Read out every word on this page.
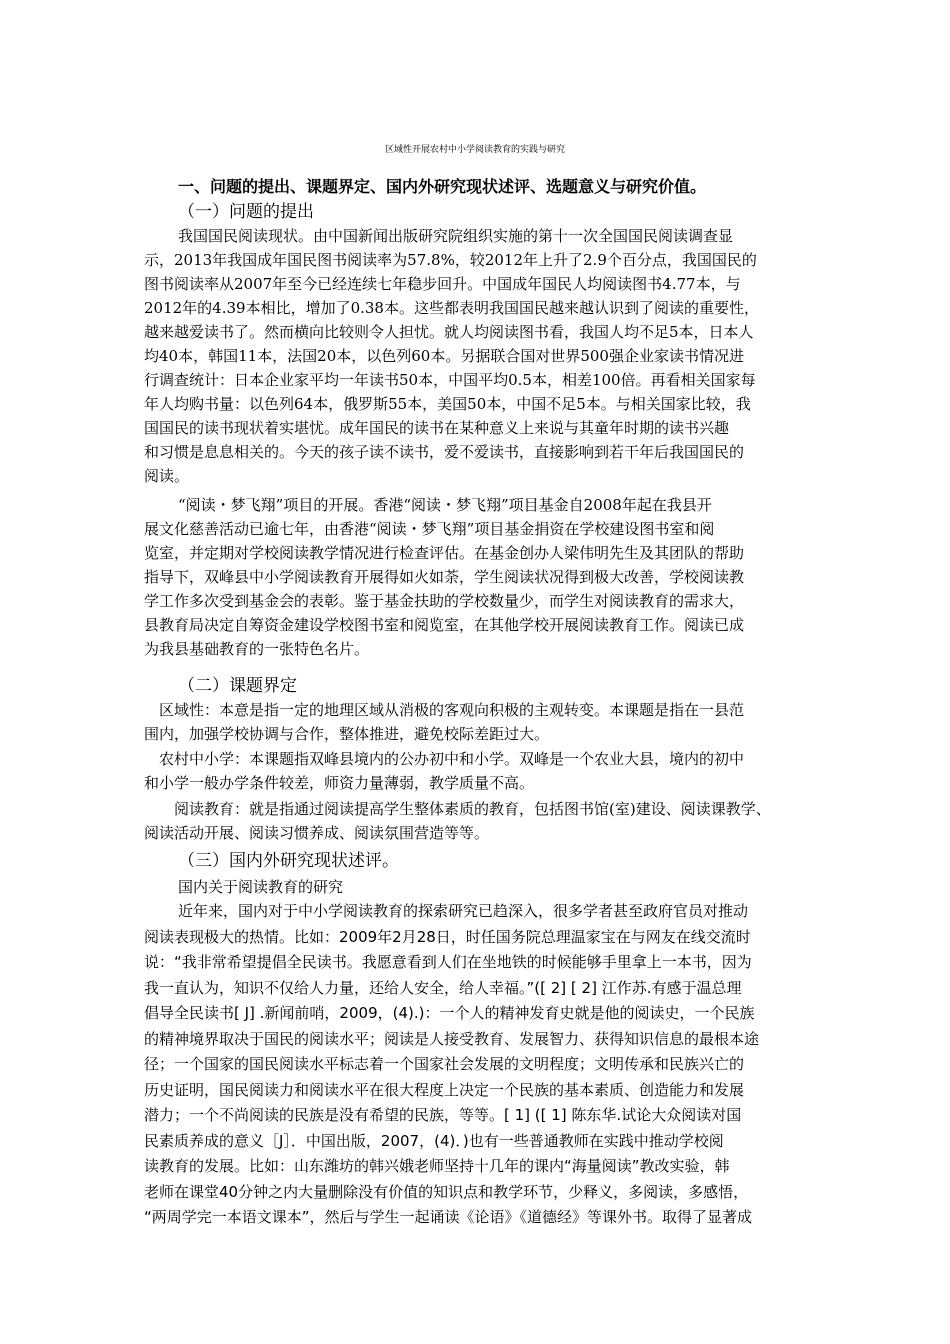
区域性开展农村中小学阅读教育的实践与研究
一、问题的提出、课题界定、国内外研究现状述评、选题意义与研究价值。
（一）问题的提出
我国国民阅读现状。由中国新闻出版研究院组织实施的第十一次全国国民阅读调查显
示，2013年我国成年国民图书阅读率为57.8%，较2012年上升了2.9个百分点，我国国民的
图书阅读率从2007年至今已经连续七年稳步回升。中国成年国民人均阅读图书4.77本，与
2012年的4.39本相比，增加了0.38本。这些都表明我国国民越来越认识到了阅读的重要性，
越来越爱读书了。然而横向比较则令人担忧。就人均阅读图书看，我国人均不足5本，日本人
均40本，韩国11本，法国20本，以色列60本。另据联合国对世界500强企业家读书情况进
行调查统计：日本企业家平均一年读书50本，中国平均0.5本，相差100倍。再看相关国家每
年人均购书量：以色列64本，俄罗斯55本，美国50本，中国不足5本。与相关国家比较，我
国国民的读书现状着实堪忧。成年国民的读书在某种意义上来说与其童年时期的读书兴趣
和习惯是息息相关的。今天的孩子读不读书，爱不爱读书，直接影响到若干年后我国国民的
阅读。
“阅读・梦飞翔”项目的开展。香港“阅读・梦飞翔”项目基金自2008年起在我县开
展文化慈善活动已逾七年，由香港“阅读・梦飞翔”项目基金捐资在学校建设图书室和阅
览室，并定期对学校阅读教学情况进行检查评估。在基金创办人梁伟明先生及其团队的帮助
指导下，双峰县中小学阅读教育开展得如火如荼，学生阅读状况得到极大改善，学校阅读教
学工作多次受到基金会的表彰。鉴于基金扶助的学校数量少，而学生对阅读教育的需求大，
县教育局决定自筹资金建设学校图书室和阅览室，在其他学校开展阅读教育工作。阅读已成
为我县基础教育的一张特色名片。
（二）课题界定
区域性：本意是指一定的地理区域从消极的客观向积极的主观转变。本课题是指在一县范
围内，加强学校协调与合作，整体推进，避免校际差距过大。
农村中小学：本课题指双峰县境内的公办初中和小学。双峰是一个农业大县，境内的初中
和小学一般办学条件较差，师资力量薄弱，教学质量不高。
阅读教育：就是指通过阅读提高学生整体素质的教育，包括图书馆(室)建设、阅读课教学、
阅读活动开展、阅读习惯养成、阅读氛围营造等等。
（三）国内外研究现状述评。
国内关于阅读教育的研究
近年来，国内对于中小学阅读教育的探索研究已趋深入，很多学者甚至政府官员对推动
阅读表现极大的热情。比如：2009年2月28日，时任国务院总理温家宝在与网友在线交流时
说：“我非常希望提倡全民读书。我愿意看到人们在坐地铁的时候能够手里拿上一本书，因为
我一直认为，知识不仅给人力量，还给人安全，给人幸福。”([ 2] [ 2] 江作苏.有感于温总理
倡导全民读书[ J] .新闻前哨，2009，(4).)：一个人的精神发育史就是他的阅读史，一个民族
的精神境界取决于国民的阅读水平；阅读是人接受教育、发展智力、获得知识信息的最根本途
径；一个国家的国民阅读水平标志着一个国家社会发展的文明程度；文明传承和民族兴亡的
历史证明，国民阅读力和阅读水平在很大程度上决定一个民族的基本素质、创造能力和发展
潜力；一个不尚阅读的民族是没有希望的民族，等等。[ 1] ([ 1] 陈东华.试论大众阅读对国
民素质养成的意义［J］．中国出版，2007，(4)．)也有一些普通教师在实践中推动学校阅
读教育的发展。比如：山东潍坊的韩兴娥老师坚持十几年的课内“海量阅读”教改实验，韩
老师在课堂40分钟之内大量删除没有价值的知识点和教学环节，少释义，多阅读，多感悟，
“两周学完一本语文课本”，然后与学生一起诵读《论语》《道德经》等课外书。取得了显著成
